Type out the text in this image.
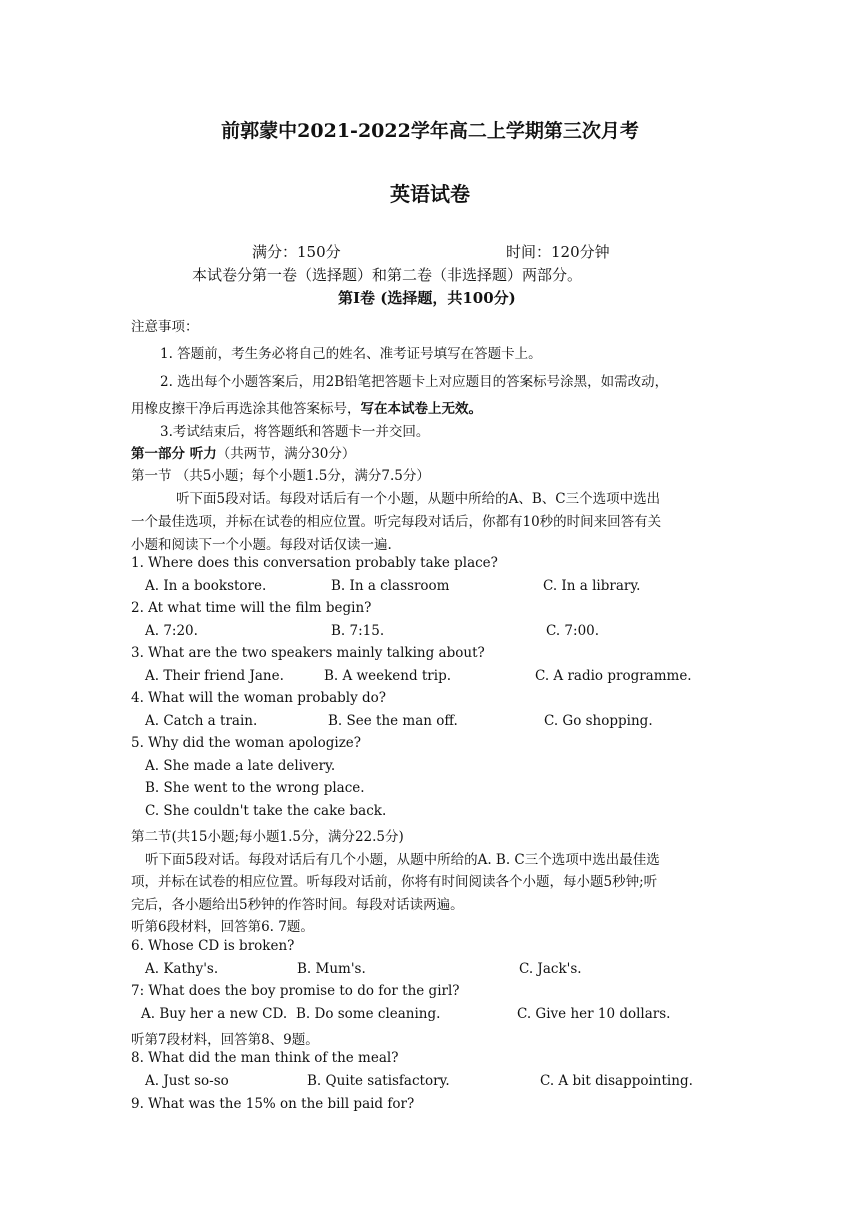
前郭蒙中2021-2022学年高二上学期第三次月考
英语试卷
满分：150分	时间：120分钟
本试卷分第一卷（选择题）和第二卷（非选择题）两部分。
第I卷 (选择题，共100分)
注意事项：
1. 答题前，考生务必将自己的姓名、准考证号填写在答题卡上。
2. 选出每个小题答案后，用2B铅笔把答题卡上对应题目的答案标号涂黑，如需改动，
用橡皮擦干净后再选涂其他答案标号，写在本试卷上无效。
3.考试结束后，将答题纸和答题卡一并交回。
第一部分 听力（共两节，满分30分）
第一节 （共5小题；每个小题1.5分，满分7.5分）
听下面5段对话。每段对话后有一个小题，从题中所给的A、B、C三个选项中选出
一个最佳选项，并标在试卷的相应位置。听完每段对话后，你都有10秒的时间来回答有关
小题和阅读下一个小题。每段对话仅读一遍.
1. Where does this conversation probably take place?
A. In a bookstore.	B. In a classroom	C. In a library.
2. At what time will the film begin?
A. 7:20.	B. 7:15.	C. 7:00.
3. What are the two speakers mainly talking about?
A. Their friend Jane.	B. A weekend trip.	C. A radio programme.
4. What will the woman probably do?
A. Catch a train.	B. See the man off.	C. Go shopping.
5. Why did the woman apologize?
A. She made a late delivery.
B. She went to the wrong place.
C. She couldn't take the cake back.
第二节(共15小题;每小题1.5分，满分22.5分)
听下面5段对话。每段对话后有几个小题，从题中所给的A. B. C三个选项中选出最佳选
项，并标在试卷的相应位置。听每段对话前，你将有时间阅读各个小题，每小题5秒钟;听
完后，各小题给出5秒钟的作答时间。每段对话读两遍。
听第6段材料，回答第6. 7题。
6. Whose CD is broken?
A. Kathy's.	B. Mum's.	C. Jack's.
7: What does the boy promise to do for the girl?
A. Buy her a new CD. B. Do some cleaning.	C. Give her 10 dollars.
听第7段材料，回答第8、9题。
8. What did the man think of the meal?
A. Just so-so	B. Quite satisfactory.	C. A bit disappointing.
9. What was the 15% on the bill paid for?
